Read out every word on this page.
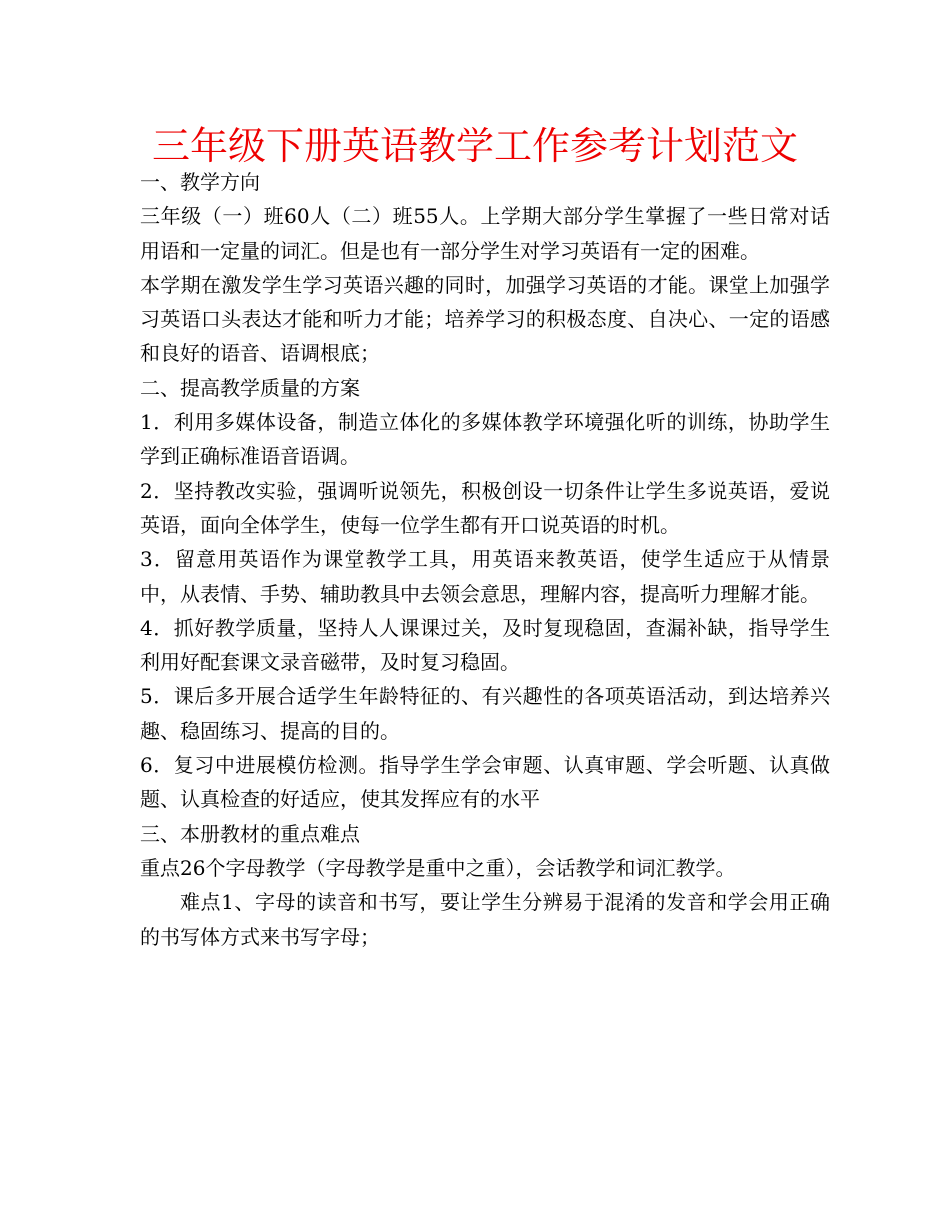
三年级下册英语教学工作参考计划范文

一、教学方向

三年级（一）班60人（二）班55人。上学期大部分学生掌握了一些日常对话用语和一定量的词汇。但是也有一部分学生对学习英语有一定的困难。

本学期在激发学生学习英语兴趣的同时，加强学习英语的才能。课堂上加强学习英语口头表达才能和听力才能；培养学习的积极态度、自决心、一定的语感和良好的语音、语调根底；

二、提高教学质量的方案

1．利用多媒体设备，制造立体化的多媒体教学环境强化听的训练，协助学生学到正确标准语音语调。

2．坚持教改实验，强调听说领先，积极创设一切条件让学生多说英语，爱说英语，面向全体学生，使每一位学生都有开口说英语的时机。

3．留意用英语作为课堂教学工具，用英语来教英语，使学生适应于从情景中，从表情、手势、辅助教具中去领会意思，理解内容，提高听力理解才能。

4．抓好教学质量，坚持人人课课过关，及时复现稳固，查漏补缺，指导学生利用好配套课文录音磁带，及时复习稳固。

5．课后多开展合适学生年龄特征的、有兴趣性的各项英语活动，到达培养兴趣、稳固练习、提高的目的。

6．复习中进展模仿检测。指导学生学会审题、认真审题、学会听题、认真做题、认真检查的好适应，使其发挥应有的水平

三、本册教材的重点难点

重点26个字母教学（字母教学是重中之重），会话教学和词汇教学。

难点1、字母的读音和书写，要让学生分辨易于混淆的发音和学会用正确的书写体方式来书写字母；
